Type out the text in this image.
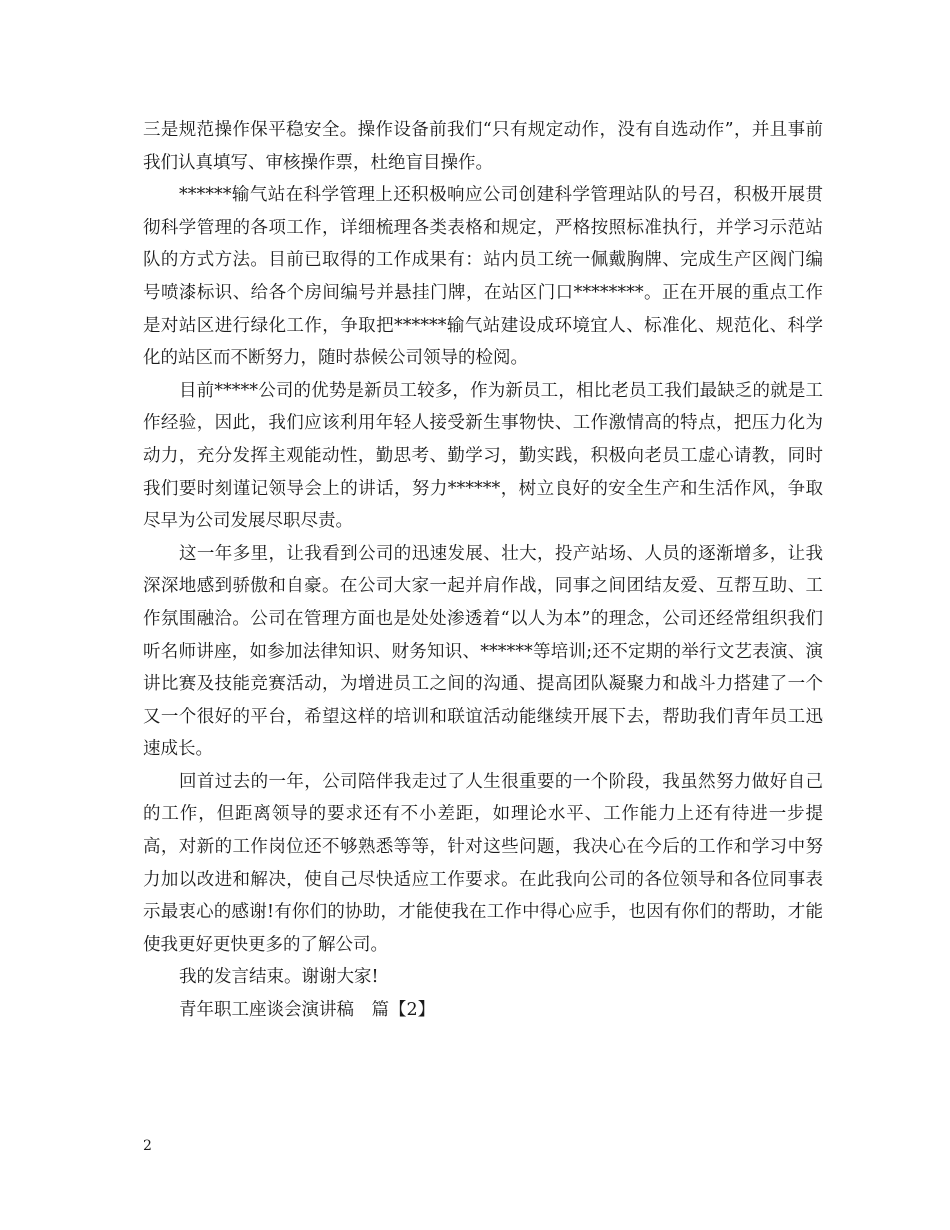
三是规范操作保平稳安全。操作设备前我们“只有规定动作，没有自选动作”，并且事前我们认真填写、审核操作票，杜绝盲目操作。

******输气站在科学管理上还积极响应公司创建科学管理站队的号召，积极开展贯彻科学管理的各项工作，详细梳理各类表格和规定，严格按照标准执行，并学习示范站队的方式方法。目前已取得的工作成果有：站内员工统一佩戴胸牌、完成生产区阀门编号喷漆标识、给各个房间编号并悬挂门牌，在站区门口********。正在开展的重点工作是对站区进行绿化工作，争取把******输气站建设成环境宜人、标准化、规范化、科学化的站区而不断努力，随时恭候公司领导的检阅。

目前*****公司的优势是新员工较多，作为新员工，相比老员工我们最缺乏的就是工作经验，因此，我们应该利用年轻人接受新生事物快、工作激情高的特点，把压力化为动力，充分发挥主观能动性，勤思考、勤学习，勤实践，积极向老员工虚心请教，同时我们要时刻谨记领导会上的讲话，努力******，树立良好的安全生产和生活作风，争取尽早为公司发展尽职尽责。

这一年多里，让我看到公司的迅速发展、壮大，投产站场、人员的逐渐增多，让我深深地感到骄傲和自豪。在公司大家一起并肩作战，同事之间团结友爱、互帮互助、工作氛围融洽。公司在管理方面也是处处渗透着“以人为本”的理念，公司还经常组织我们听名师讲座，如参加法律知识、财务知识、******等培训;还不定期的举行文艺表演、演讲比赛及技能竞赛活动，为增进员工之间的沟通、提高团队凝聚力和战斗力搭建了一个又一个很好的平台，希望这样的培训和联谊活动能继续开展下去，帮助我们青年员工迅速成长。

回首过去的一年，公司陪伴我走过了人生很重要的一个阶段，我虽然努力做好自己的工作，但距离领导的要求还有不小差距，如理论水平、工作能力上还有待进一步提高，对新的工作岗位还不够熟悉等等，针对这些问题，我决心在今后的工作和学习中努力加以改进和解决，使自己尽快适应工作要求。在此我向公司的各位领导和各位同事表示最衷心的感谢!有你们的协助，才能使我在工作中得心应手，也因有你们的帮助，才能使我更好更快更多的了解公司。

我的发言结束。谢谢大家!

青年职工座谈会演讲稿　篇【2】

2
